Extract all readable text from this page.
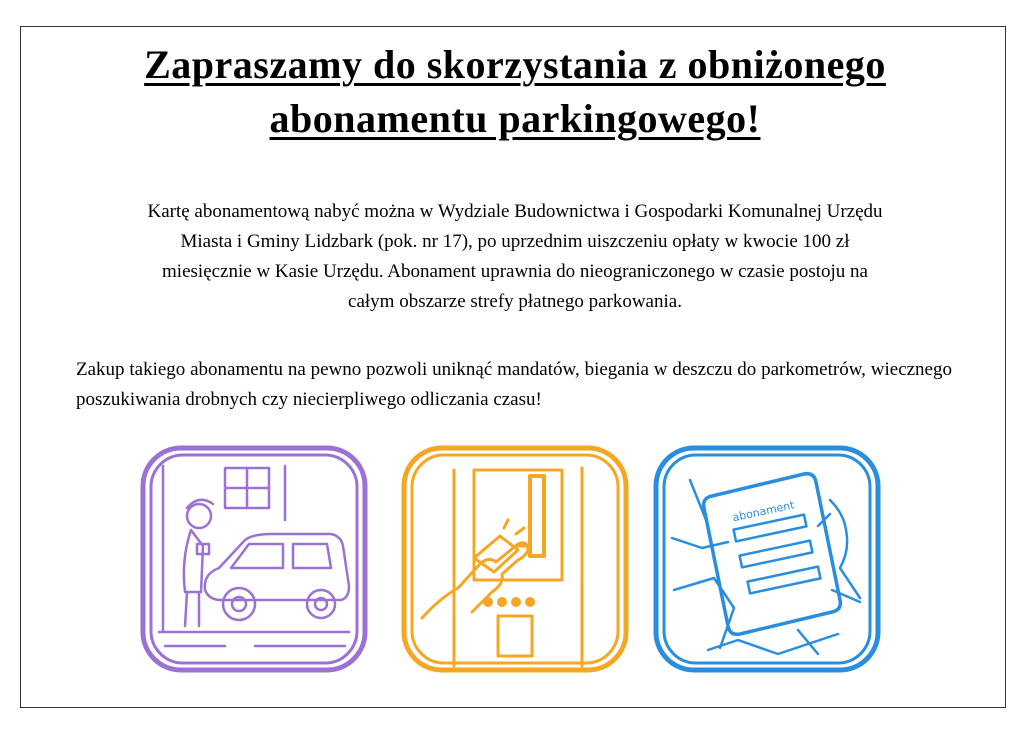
Zapraszamy do skorzystania z obniżonego
abonamentu parkingowego!
Kartę abonamentową nabyć można w Wydziale Budownictwa i Gospodarki Komunalnej Urzędu
Miasta i Gminy Lidzbark (pok. nr 17), po uprzednim uiszczeniu opłaty w kwocie 100 zł
miesięcznie w Kasie Urzędu. Abonament uprawnia do nieograniczonego w czasie postoju na
całym obszarze strefy płatnego parkowania.
Zakup takiego abonamentu na pewno pozwoli uniknąć mandatów, biegania w deszczu do parkometrów, wiecznego poszukiwania drobnych czy niecierpliwego odliczania czasu!
abonament
